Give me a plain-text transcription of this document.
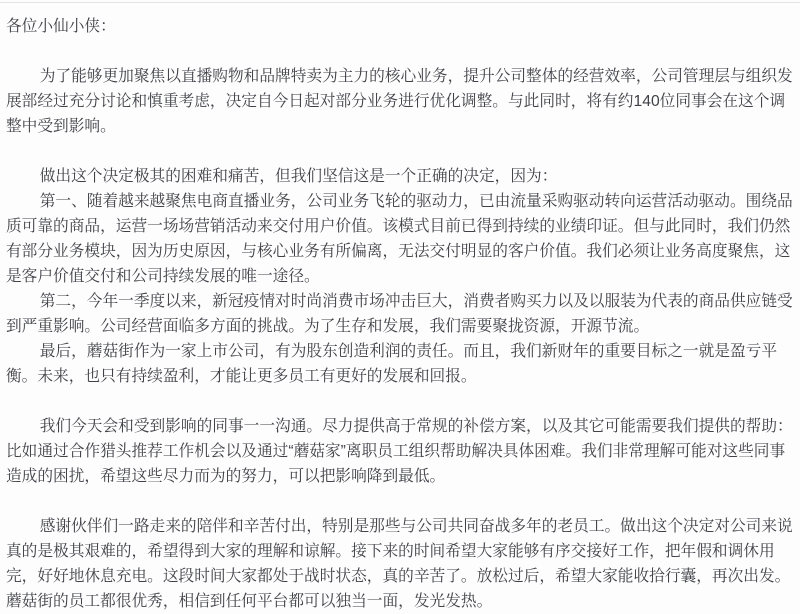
各位小仙小侠：

为了能够更加聚焦以直播购物和品牌特卖为主力的核心业务，提升公司整体的经营效率，公司管理层与组织发展部经过充分讨论和慎重考虑，决定自今日起对部分业务进行优化调整。与此同时，将有约140位同事会在这个调整中受到影响。

做出这个决定极其的困难和痛苦，但我们坚信这是一个正确的决定，因为：

第一、随着越来越聚焦电商直播业务，公司业务飞轮的驱动力，已由流量采购驱动转向运营活动驱动。围绕品质可靠的商品，运营一场场营销活动来交付用户价值。该模式目前已得到持续的业绩印证。但与此同时，我们仍然有部分业务模块，因为历史原因，与核心业务有所偏离，无法交付明显的客户价值。我们必须让业务高度聚焦，这是客户价值交付和公司持续发展的唯一途径。

第二，今年一季度以来，新冠疫情对时尚消费市场冲击巨大，消费者购买力以及以服装为代表的商品供应链受到严重影响。公司经营面临多方面的挑战。为了生存和发展，我们需要聚拢资源，开源节流。

最后，蘑菇街作为一家上市公司，有为股东创造利润的责任。而且，我们新财年的重要目标之一就是盈亏平衡。未来，也只有持续盈利，才能让更多员工有更好的发展和回报。

我们今天会和受到影响的同事一一沟通。尽力提供高于常规的补偿方案，以及其它可能需要我们提供的帮助：比如通过合作猎头推荐工作机会以及通过“蘑菇家”离职员工组织帮助解决具体困难。我们非常理解可能对这些同事造成的困扰，希望这些尽力而为的努力，可以把影响降到最低。

感谢伙伴们一路走来的陪伴和辛苦付出，特别是那些与公司共同奋战多年的老员工。做出这个决定对公司来说真的是极其艰难的，希望得到大家的理解和谅解。接下来的时间希望大家能够有序交接好工作，把年假和调休用完，好好地休息充电。这段时间大家都处于战时状态，真的辛苦了。放松过后，希望大家能收拾行囊，再次出发。蘑菇街的员工都很优秀，相信到任何平台都可以独当一面，发光发热。
